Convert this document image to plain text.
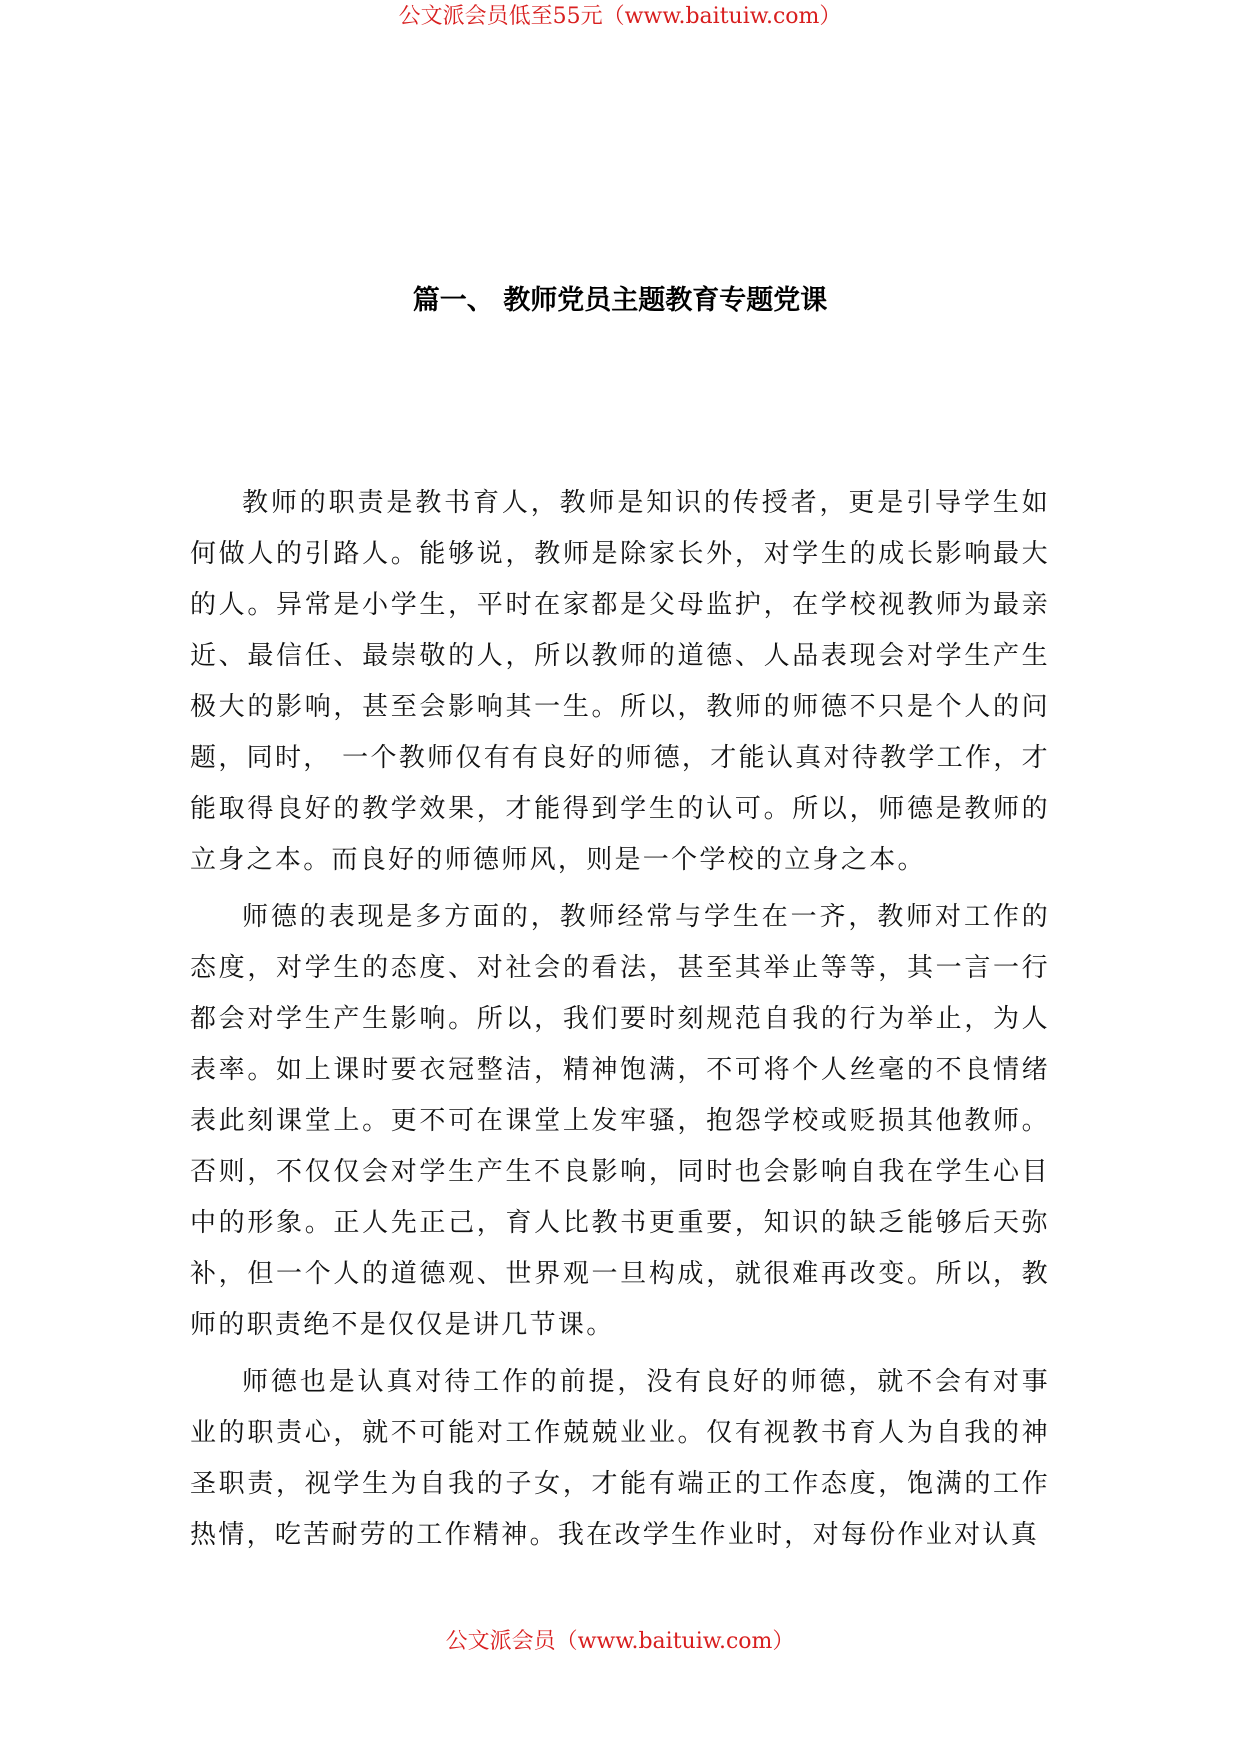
公文派会员低至55元（www.baituiw.com）
篇一、 教师党员主题教育专题党课

教师的职责是教书育人，教师是知识的传授者，更是引导学生如何做人的引路人。能够说，教师是除家长外，对学生的成长影响最大的人。异常是小学生，平时在家都是父母监护，在学校视教师为最亲近、最信任、最崇敬的人，所以教师的道德、人品表现会对学生产生极大的影响，甚至会影响其一生。所以，教师的师德不只是个人的问题，同时， 一个教师仅有有良好的师德，才能认真对待教学工作，才能取得良好的教学效果，才能得到学生的认可。所以，师德是教师的立身之本。而良好的师德师风，则是一个学校的立身之本。

师德的表现是多方面的，教师经常与学生在一齐，教师对工作的态度，对学生的态度、对社会的看法，甚至其举止等等，其一言一行都会对学生产生影响。所以，我们要时刻规范自我的行为举止，为人表率。如上课时要衣冠整洁，精神饱满，不可将个人丝毫的不良情绪表此刻课堂上。更不可在课堂上发牢骚，抱怨学校或贬损其他教师。否则，不仅仅会对学生产生不良影响，同时也会影响自我在学生心目中的形象。正人先正己，育人比教书更重要，知识的缺乏能够后天弥补，但一个人的道德观、世界观一旦构成，就很难再改变。所以，教师的职责绝不是仅仅是讲几节课。

师德也是认真对待工作的前提，没有良好的师德，就不会有对事业的职责心，就不可能对工作兢兢业业。仅有视教书育人为自我的神圣职责，视学生为自我的子女，才能有端正的工作态度，饱满的工作热情，吃苦耐劳的工作精神。我在改学生作业时，对每份作业对认真

公文派会员（www.baituiw.com）
